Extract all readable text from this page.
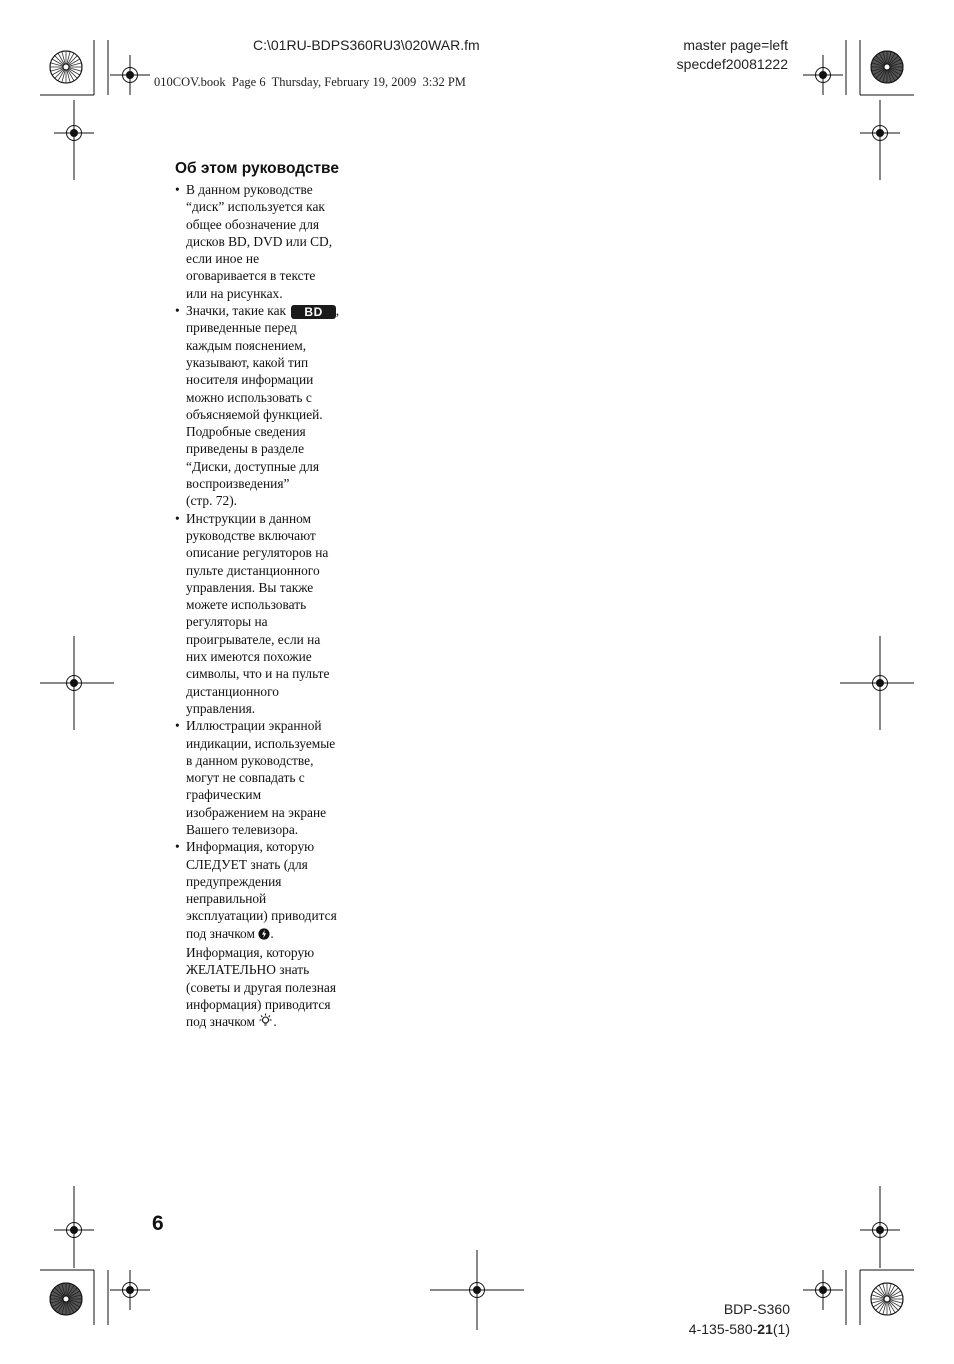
C:\01RU-BDPS360RU3\020WAR.fm	master page=left
specdef20081222
010COV.book  Page 6  Thursday, February 19, 2009  3:32 PM
Об этом руководстве
• В данном руководстве
“диск” используется как
общее обозначение для
дисков BD, DVD или CD,
если иное не
оговаривается в тексте
или на рисунках.
• Значки, такие как BD ,
приведенные перед
каждым пояснением,
указывают, какой тип
носителя информации
можно использовать с
объясняемой функцией.
Подробные сведения
приведены в разделе
“Диски, доступные для
воспроизведения”
(стр. 72).
• Инструкции в данном
руководстве включают
описание регуляторов на
пульте дистанционного
управления. Вы также
можете использовать
регуляторы на
проигрывателе, если на
них имеются похожие
символы, что и на пульте
дистанционного
управления.
• Иллюстрации экранной
индикации, используемые
в данном руководстве,
могут не совпадать с
графическим
изображением на экране
Вашего телевизора.
• Информация, которую
СЛЕДУЕТ знать (для
предупреждения
неправильной
эксплуатации) приводится
под значком .
Информация, которую
ЖЕЛАТЕЛЬНО знать
(советы и другая полезная
информация) приводится
под значком .
6
BDP-S360
4-135-580-21(1)
